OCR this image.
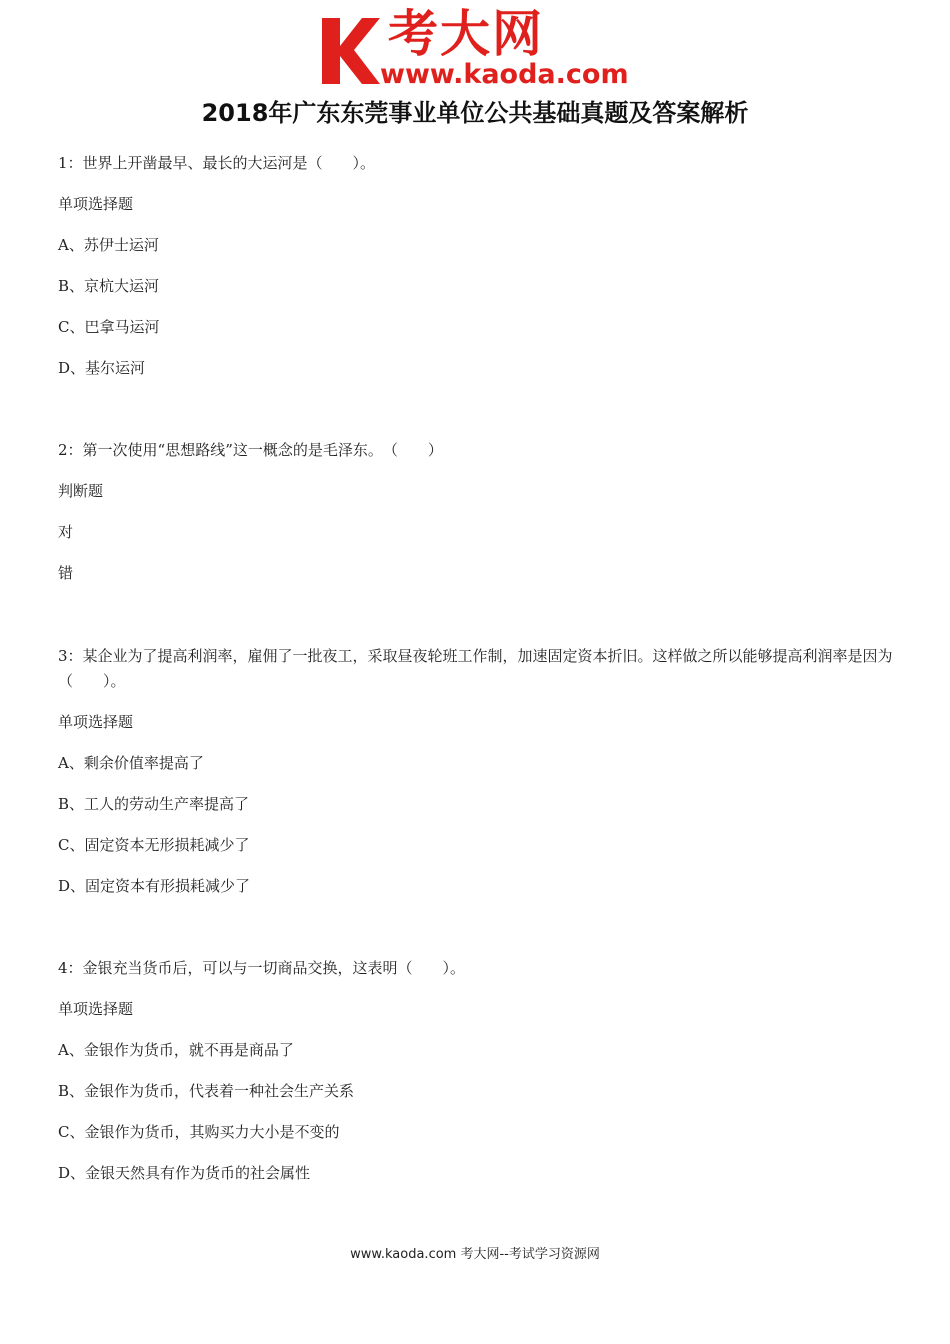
考大网
www.kaoda.com
2018年广东东莞事业单位公共基础真题及答案解析
1：世界上开凿最早、最长的大运河是（　　）。
单项选择题
A、苏伊士运河
B、京杭大运河
C、巴拿马运河
D、基尔运河
2：第一次使用“思想路线”这一概念的是毛泽东。　（　　）
判断题
对
错
3：某企业为了提高利润率，雇佣了一批夜工，采取昼夜轮班工作制，加速固定资本折旧。这样做之所以能够提高利润率是因为（　　）。
单项选择题
A、剩余价值率提高了
B、工人的劳动生产率提高了
C、固定资本无形损耗减少了
D、固定资本有形损耗减少了
4：金银充当货币后，可以与一切商品交换，这表明（　　）。
单项选择题
A、金银作为货币，就不再是商品了
B、金银作为货币，代表着一种社会生产关系
C、金银作为货币，其购买力大小是不变的
D、金银天然具有作为货币的社会属性
www.kaoda.com 考大网--考试学习资源网
